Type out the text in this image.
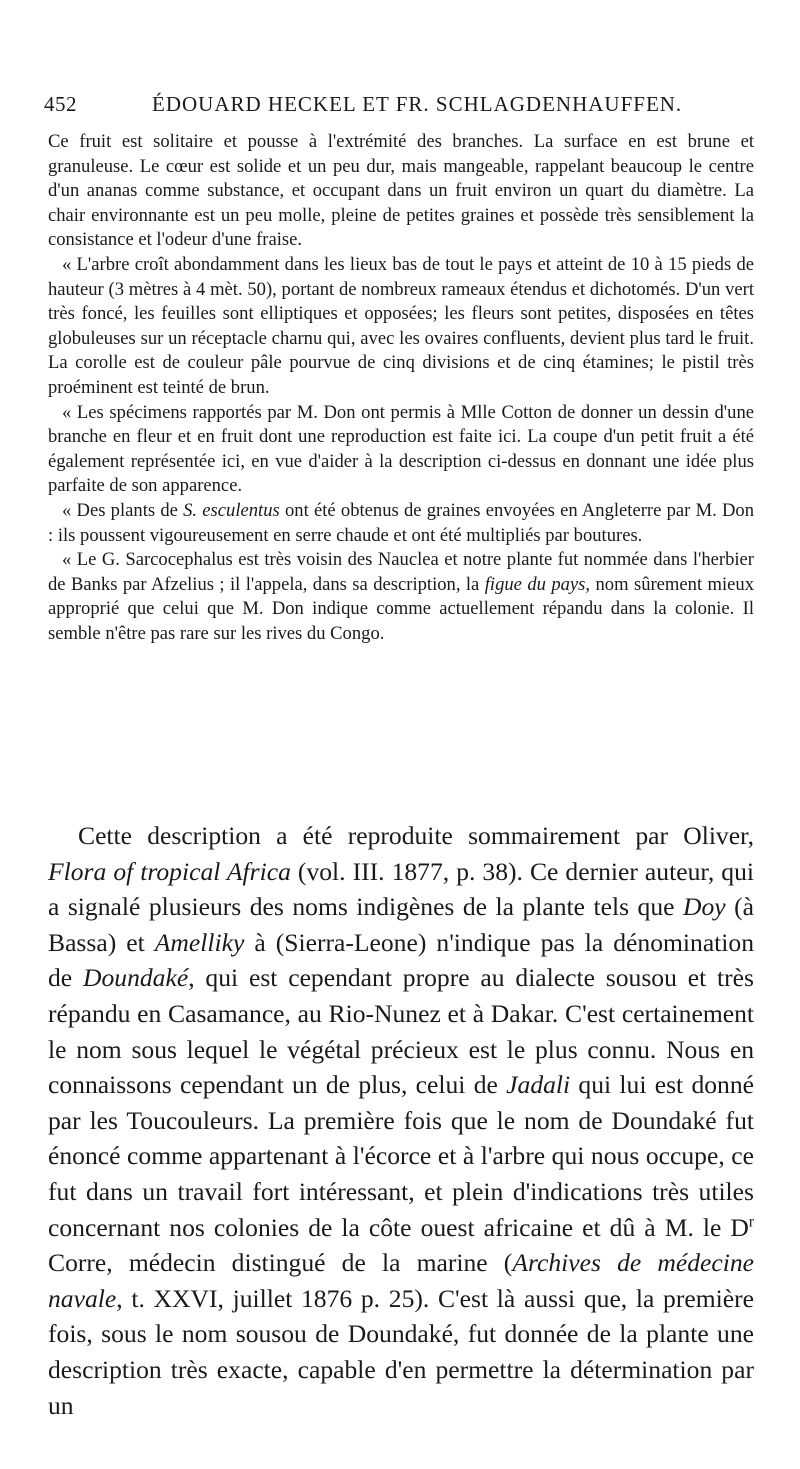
452	ÉDOUARD HECKEL ET FR. SCHLAGDENHAUFFEN.

Ce fruit est solitaire et pousse à l'extrémité des branches. La surface en est brune et granuleuse. Le cœur est solide et un peu dur, mais mangeable, rappelant beaucoup le centre d'un ananas comme substance, et occupant dans un fruit environ un quart du diamètre. La chair environnante est un peu molle, pleine de petites graines et possède très sensiblement la consistance et l'odeur d'une fraise.

« L'arbre croît abondamment dans les lieux bas de tout le pays et atteint de 10 à 15 pieds de hauteur (3 mètres à 4 mèt. 50), portant de nombreux rameaux étendus et dichotomés. D'un vert très foncé, les feuilles sont elliptiques et opposées; les fleurs sont petites, disposées en têtes globuleuses sur un réceptacle charnu qui, avec les ovaires confluents, devient plus tard le fruit. La corolle est de couleur pâle pourvue de cinq divisions et de cinq étamines; le pistil très proéminent est teinté de brun.

« Les spécimens rapportés par M. Don ont permis à Mlle Cotton de donner un dessin d'une branche en fleur et en fruit dont une reproduction est faite ici. La coupe d'un petit fruit a été également représentée ici, en vue d'aider à la description ci-dessus en donnant une idée plus parfaite de son apparence.

« Des plants de S. esculentus ont été obtenus de graines envoyées en Angleterre par M. Don : ils poussent vigoureusement en serre chaude et ont été multipliés par boutures.

« Le G. Sarcocephalus est très voisin des Nauclea et notre plante fut nommée dans l'herbier de Banks par Afzelius ; il l'appela, dans sa description, la figue du pays, nom sûrement mieux approprié que celui que M. Don indique comme actuellement répandu dans la colonie. Il semble n'être pas rare sur les rives du Congo.

Cette description a été reproduite sommairement par Oliver, Flora of tropical Africa (vol. III. 1877, p. 38). Ce dernier auteur, qui a signalé plusieurs des noms indigènes de la plante tels que Doy (à Bassa) et Amelliky à (Sierra-Leone) n'indique pas la dénomination de Doundaké, qui est cependant propre au dialecte sousou et très répandu en Casamance, au Rio-Nunez et à Dakar. C'est certainement le nom sous lequel le végétal précieux est le plus connu. Nous en connaissons cependant un de plus, celui de Jadali qui lui est donné par les Toucouleurs. La première fois que le nom de Doundaké fut énoncé comme appartenant à l'écorce et à l'arbre qui nous occupe, ce fut dans un travail fort intéressant, et plein d'indications très utiles concernant nos colonies de la côte ouest africaine et dû à M. le $D^r$ Corre, médecin distingué de la marine (Archives de médecine navale, t. XXVI, juillet 1876 p. 25). C'est là aussi que, la première fois, sous le nom sousou de Doundaké, fut donnée de la plante une description très exacte, capable d'en permettre la détermination par un
